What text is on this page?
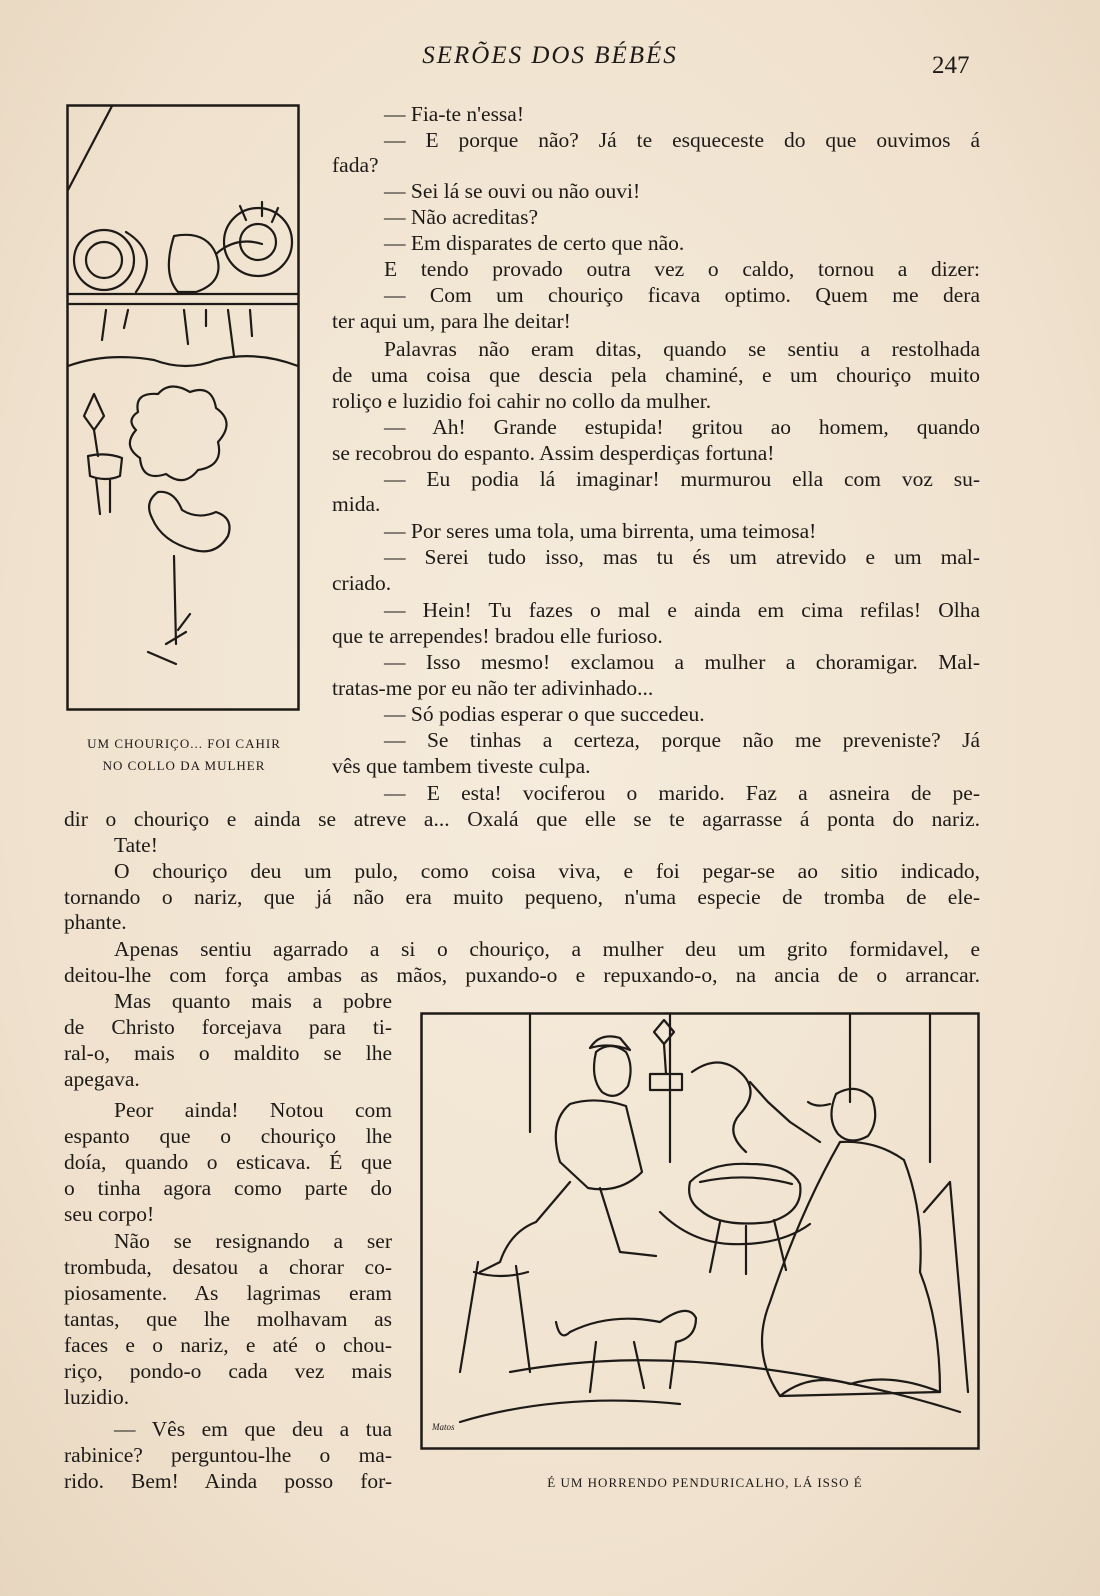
SERÕES DOS BÉBÉS	247
UM CHOURIÇO... FOI CAHIR
NO COLLO DA MULHER
— Fia-te n'essa!
— E porque não? Já te esqueceste do que ouvimos á
fada?
— Sei lá se ouvi ou não ouvi!
— Não acreditas?
— Em disparates de certo que não.
E tendo provado outra vez o caldo, tornou a dizer:
— Com um chouriço ficava optimo. Quem me dera
ter aqui um, para lhe deitar!
Palavras não eram ditas, quando se sentiu a restolhada
de uma coisa que descia pela chaminé, e um chouriço muito
roliço e luzidio foi cahir no collo da mulher.
— Ah! Grande estupida! gritou ao homem, quando
se recobrou do espanto. Assim desperdiças fortuna!
— Eu podia lá imaginar! murmurou ella com voz su-
mida.
— Por seres uma tola, uma birrenta, uma teimosa!
— Serei tudo isso, mas tu és um atrevido e um mal-
criado.
— Hein! Tu fazes o mal e ainda em cima refilas! Olha
que te arrependes! bradou elle furioso.
— Isso mesmo! exclamou a mulher a choramigar. Mal-
tratas-me por eu não ter adivinhado...
— Só podias esperar o que succedeu.
— Se tinhas a certeza, porque não me preveniste? Já
vês que tambem tiveste culpa.
— E esta! vociferou o marido. Faz a asneira de pe-
dir o chouriço e ainda se atreve a... Oxalá que elle se te agarrasse á ponta do nariz.
Tate!
O chouriço deu um pulo, como coisa viva, e foi pegar-se ao sitio indicado,
tornando o nariz, que já não era muito pequeno, n'uma especie de tromba de ele-
phante.
Apenas sentiu agarrado a si o chouriço, a mulher deu um grito formidavel, e
deitou-lhe com força ambas as mãos, puxando-o e repuxando-o, na ancia de o arrancar.
Mas quanto mais a pobre
de Christo forcejava para ti-
ral-o, mais o maldito se lhe
apegava.
Peor ainda! Notou com
espanto que o chouriço lhe
doía, quando o esticava. É que
o tinha agora como parte do
seu corpo!
Não se resignando a ser
trombuda, desatou a chorar co-
piosamente. As lagrimas eram
tantas, que lhe molhavam as
faces e o nariz, e até o chou-
riço, pondo-o cada vez mais
luzidio.
— Vês em que deu a tua
rabinice? perguntou-lhe o ma-
rido. Bem! Ainda posso for-
Matos
É UM HORRENDO PENDURICALHO, LÁ ISSO É
